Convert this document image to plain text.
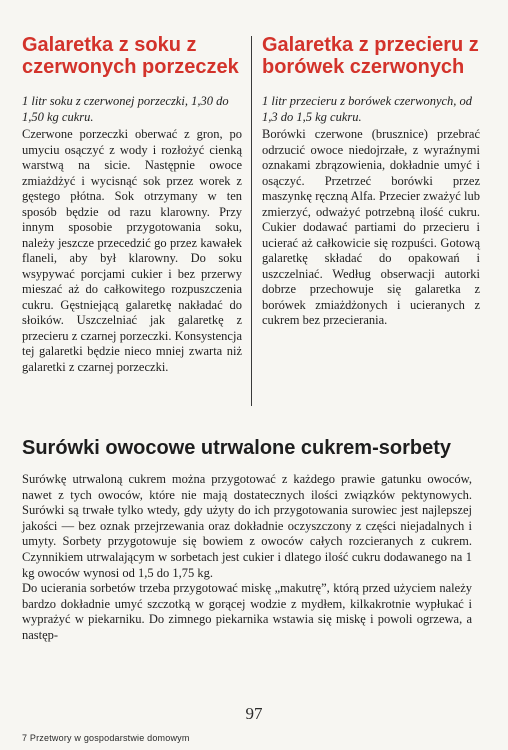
Galaretka z soku z czerwonych porzeczek

1 litr soku z czerwonej porzeczki, 1,30 do 1,50 kg cukru.

Czerwone porzeczki oberwać z gron, po umyciu osączyć z wody i rozłożyć cienką warstwą na sicie. Następnie owoce zmiażdżyć i wycisnąć sok przez worek z gęstego płótna. Sok otrzymany w ten sposób będzie od razu klarowny. Przy innym sposobie przygotowania soku, należy jeszcze przecedzić go przez kawałek flaneli, aby był klarowny. Do soku wsypywać porcjami cukier i bez przerwy mieszać aż do całkowitego rozpuszczenia cukru. Gęstniejącą galaretkę nakładać do słoików. Uszczelniać jak galaretkę z przecieru z czarnej porzeczki. Konsystencja tej galaretki będzie nieco mniej zwarta niż galaretki z czarnej porzeczki.

Galaretka z przecieru z borówek czerwonych

1 litr przecieru z borówek czerwonych, od 1,3 do 1,5 kg cukru.

Borówki czerwone (brusznice) przebrać odrzucić owoce niedojrzałe, z wyraźnymi oznakami zbrązowienia, dokładnie umyć i osączyć. Przetrzeć borówki przez maszynkę ręczną Alfa. Przecier zważyć lub zmierzyć, odważyć potrzebną ilość cukru. Cukier dodawać partiami do przecieru i ucierać aż całkowicie się rozpuści. Gotową galaretkę składać do opakowań i uszczelniać. Według obserwacji autorki dobrze przechowuje się galaretka z borówek zmiażdżonych i ucieranych z cukrem bez przecierania.

Surówki owocowe utrwalone cukrem-sorbety

Surówkę utrwaloną cukrem można przygotować z każdego prawie gatunku owoców, nawet z tych owoców, które nie mają dostatecznych ilości związków pektynowych. Surówki są trwałe tylko wtedy, gdy użyty do ich przygotowania surowiec jest najlepszej jakości — bez oznak przejrzewania oraz dokładnie oczyszczony z części niejadalnych i umyty. Sorbety przygotowuje się bowiem z owoców całych rozcieranych z cukrem. Czynnikiem utrwalającym w sorbetach jest cukier i dlatego ilość cukru dodawanego na 1 kg owoców wynosi od 1,5 do 1,75 kg.

Do ucierania sorbetów trzeba przygotować miskę „makutrę”, którą przed użyciem należy bardzo dokładnie umyć szczotką w gorącej wodzie z mydłem, kilkakrotnie wypłukać i wyprażyć w piekarniku. Do zimnego piekarnika wstawia się miskę i powoli ogrzewa, a następ-

97
7 Przetwory w gospodarstwie domowym
